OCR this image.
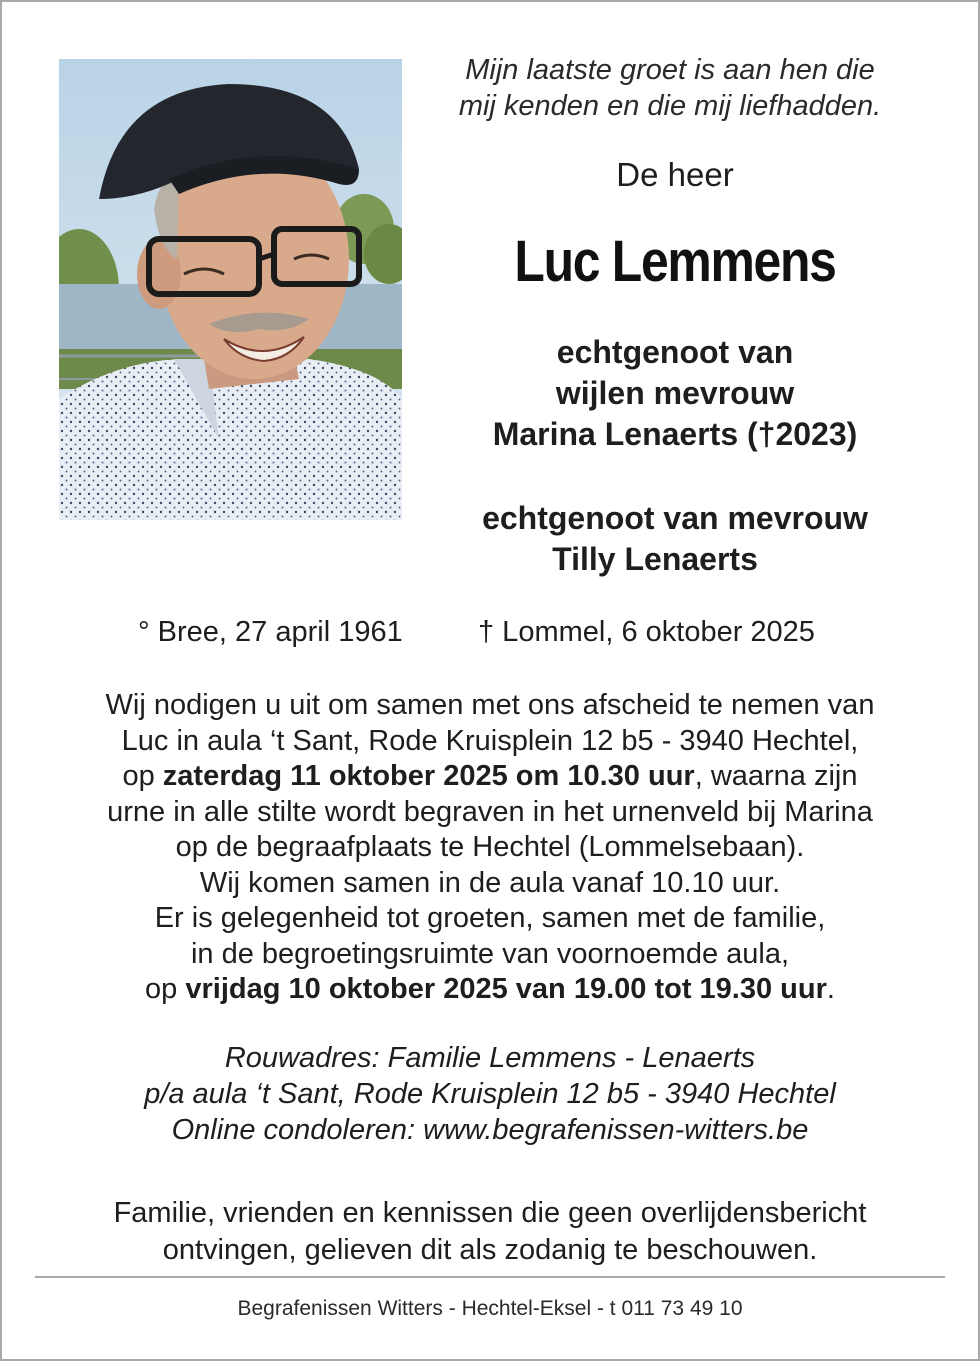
Mijn laatste groet is aan hen die
mij kenden en die mij liefhadden.
De heer
Luc Lemmens
echtgenoot van
wijlen mevrouw
Marina Lenaerts (†2023)
echtgenoot van mevrouw
Tilly Lenaerts
° Bree, 27 april 1961	† Lommel, 6 oktober 2025
Wij nodigen u uit om samen met ons afscheid te nemen van
Luc in aula ‘t Sant, Rode Kruisplein 12 b5 - 3940 Hechtel,
op zaterdag 11 oktober 2025 om 10.30 uur, waarna zijn
urne in alle stilte wordt begraven in het urnenveld bij Marina
op de begraafplaats te Hechtel (Lommelsebaan).
Wij komen samen in de aula vanaf 10.10 uur.
Er is gelegenheid tot groeten, samen met de familie,
in de begroetingsruimte van voornoemde aula,
op vrijdag 10 oktober 2025 van 19.00 tot 19.30 uur.
Rouwadres: Familie Lemmens - Lenaerts
p/a aula ‘t Sant, Rode Kruisplein 12 b5 - 3940 Hechtel
Online condoleren: www.begrafenissen-witters.be
Familie, vrienden en kennissen die geen overlijdensbericht
ontvingen, gelieven dit als zodanig te beschouwen.
Begrafenissen Witters - Hechtel-Eksel - t 011 73 49 10
